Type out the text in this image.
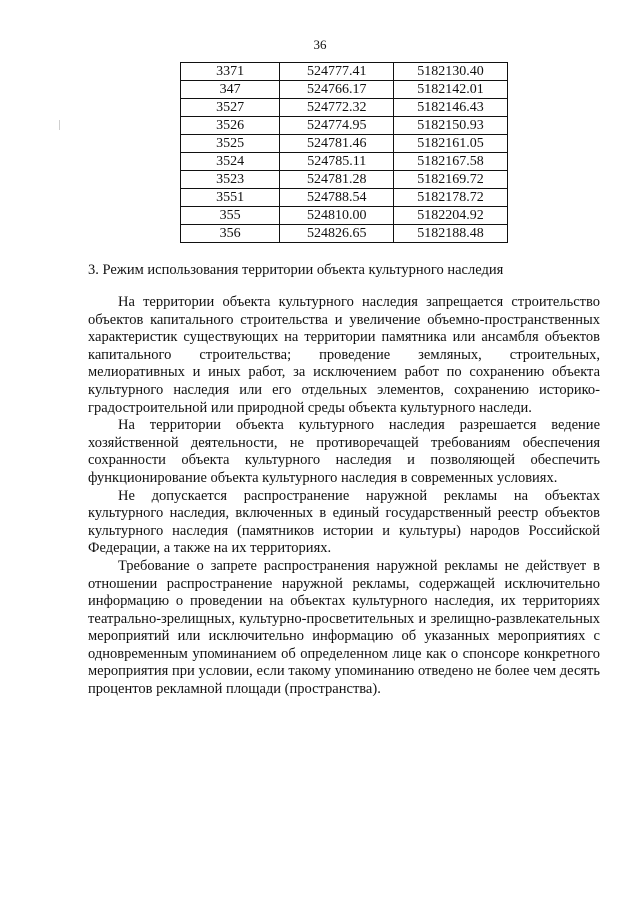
36
3371	524777.41	5182130.40
347	524766.17	5182142.01
3527	524772.32	5182146.43
3526	524774.95	5182150.93
3525	524781.46	5182161.05
3524	524785.11	5182167.58
3523	524781.28	5182169.72
3551	524788.54	5182178.72
355	524810.00	5182204.92
356	524826.65	5182188.48
3. Режим использования территории объекта культурного наследия

На территории объекта культурного наследия запрещается строительство объектов капитального строительства и увеличение объемно-пространственных характеристик существующих на территории памятника или ансамбля объектов капитального строительства; проведение земляных, строительных, мелиоративных и иных работ, за исключением работ по сохранению объекта культурного наследия или его отдельных элементов, сохранению историко-градостроительной или природной среды объекта культурного наследи.

На территории объекта культурного наследия разрешается ведение хозяйственной деятельности, не противоречащей требованиям обеспечения сохранности объекта культурного наследия и позволяющей обеспечить функционирование объекта культурного наследия в современных условиях.

Не допускается распространение наружной рекламы на объектах культурного наследия, включенных в единый государственный реестр объектов культурного наследия (памятников истории и культуры) народов Российской Федерации, а также на их территориях.

Требование о запрете распространения наружной рекламы не действует в отношении распространение наружной рекламы, содержащей исключительно информацию о проведении на объектах культурного наследия, их территориях театрально-зрелищных, культурно-просветительных и зрелищно-развлекательных мероприятий или исключительно информацию об указанных мероприятиях с одновременным упоминанием об определенном лице как о спонсоре конкретного мероприятия при условии, если такому упоминанию отведено не более чем десять процентов рекламной площади (пространства).
